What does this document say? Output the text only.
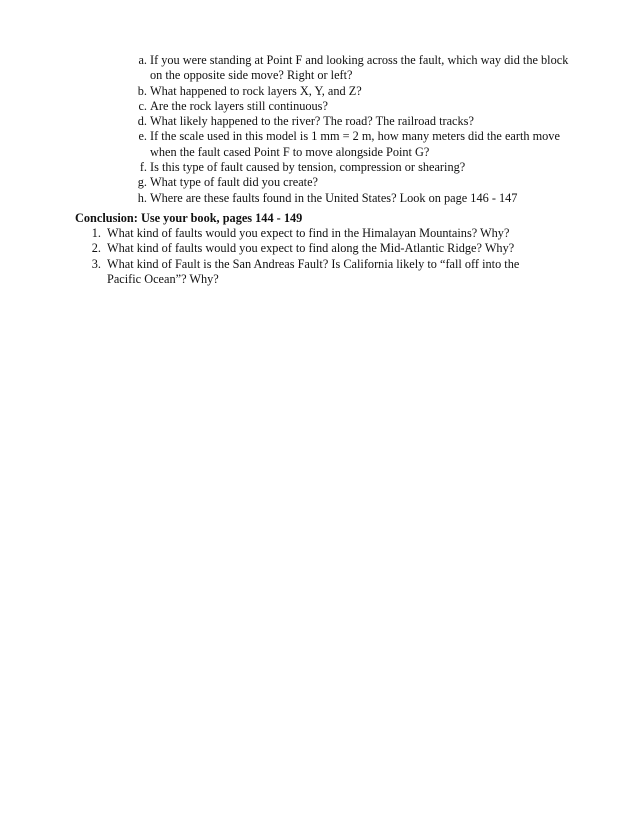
a. If you were standing at Point F and looking across the fault, which way did the block on the opposite side move? Right or left?
b. What happened to rock layers X, Y, and Z?
c. Are the rock layers still continuous?
d. What likely happened to the river? The road? The railroad tracks?
e. If the scale used in this model is 1 mm = 2 m, how many meters did the earth move when the fault cased Point F to move alongside Point G?
f. Is this type of fault caused by tension, compression or shearing?
g. What type of fault did you create?
h. Where are these faults found in the United States? Look on page 146 - 147
Conclusion: Use your book, pages 144 - 149
1. What kind of faults would you expect to find in the Himalayan Mountains? Why?
2. What kind of faults would you expect to find along the Mid-Atlantic Ridge? Why?
3. What kind of Fault is the San Andreas Fault? Is California likely to “fall off into the Pacific Ocean”? Why?
